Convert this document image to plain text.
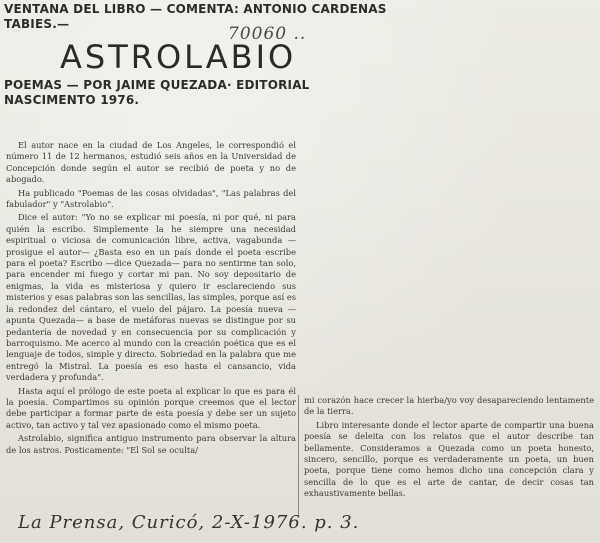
VENTANA DEL LIBRO — COMENTA: ANTONIO CARDENAS
TABIES.—	70060 ..
ASTROLABIO
POEMAS — POR JAIME QUEZADA· EDITORIAL
NASCIMENTO 1976.

El autor nace en la ciudad de Los Angeles, le correspondió el número 11 de 12 hermanos, estudió seis años en la Universidad de Concepción donde según el autor se recibió de poeta y no de abogado.

Ha publicado "Poemas de las cosas olvidadas", "Las palabras del fabulador" y "Astrolabio".

Dice el autor: "Yo no se explicar mi poesía, ni por qué, ni para quién la escribo. Simplemente la he siempre una necesidad espiritual o viciosa de comunicación libre, activa, vagabunda —prosigue el autor— ¿Basta eso en un país donde el poeta escribe para el poeta? Escribo —dice Quezada— para no sentirme tan solo, para encender mi fuego y cortar mi pan. No soy depositario de enigmas, la vida es misteriosa y quiero ir esclareciendo sus misterios y esas palabras son las sencillas, las simples, porque así es la redondez del cántaro, el vuelo del pájaro. La poesía nueva —apunta Quezada— a base de metáforas nuevas se distingue por su pedantería de novedad y en consecuencia por su complicación y barroquismo. Me acerco al mundo con la creación poética que es el lenguaje de todos, simple y directo. Sobriedad en la palabra que me entregó la Mistral. La poesía es eso hasta el cansancio, vida verdadera y profunda".

Hasta aquí el prólogo de este poeta al explicar lo que es para él la poesía. Compartimos su opinión porque creemos que el lector debe participar a formar parte de esta poesía y debe ser un sujeto activo, tan activo y tal vez apasionado como el mismo poeta.

Astrolabio, significa antiguo instrumento para observar la altura de los astros. Posticamente: "El Sol se oculta/

mi corazón hace crecer la hierba/yo voy desapareciendo lentamente de la tierra.

Libro interesante donde el lector aparte de compartir una buena poesía se deleita con los relatos que el autor describe tan bellamente. Consideramos a Quezada como un poeta honesto, sincero, sencillo, porque es verdaderamente un poeta, un buen poeta, porque tiene como hemos dicho una concepción clara y sencilla de lo que es el arte de cantar, de decir cosas tan exhaustivamente bellas.

La Prensa, Curicó, 2-X-1976. p. 3.
